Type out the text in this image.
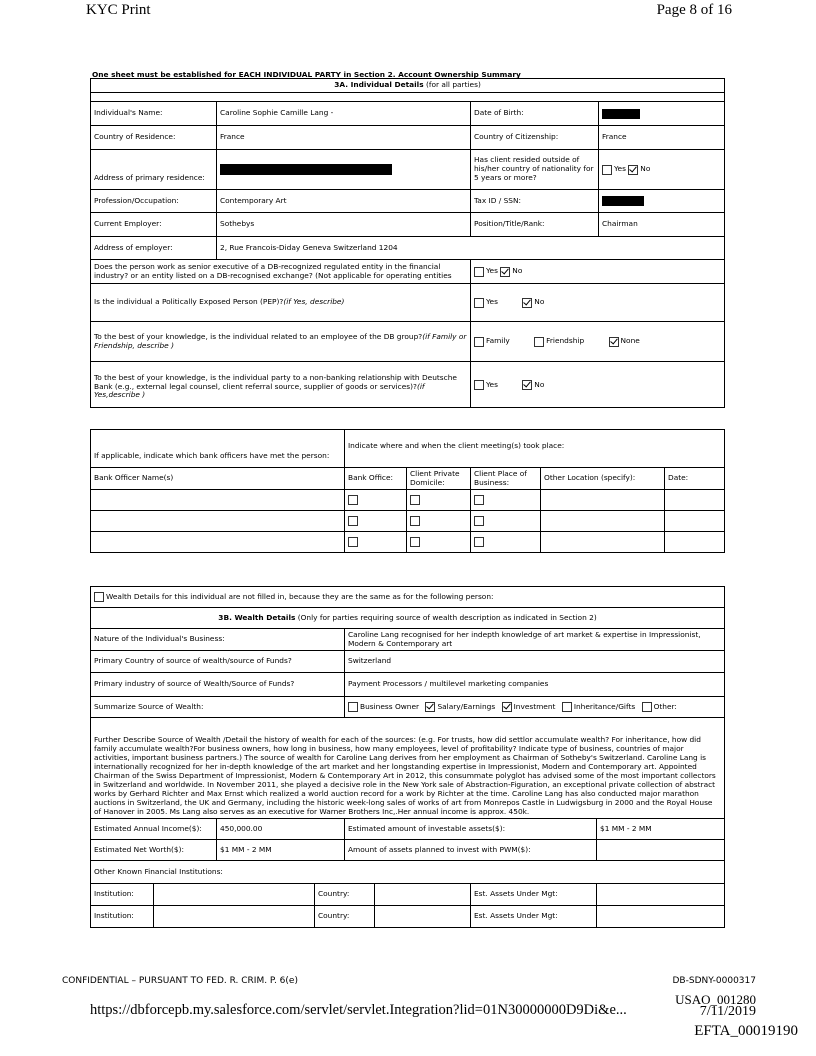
KYC Print	Page 8 of 16
One sheet must be established for EACH INDIVIDUAL PARTY in Section 2. Account Ownership Summary
3A. Individual Details (for all parties)							

Individual's Name:	Caroline Sophie Camille Lang -			Date of Birth:			
Country of Residence:	France			Country of Citizenship:		France	
Address of primary residence:				Has client resided outside of his/her country of nationality for 5 years or more?		Yes No	
Profession/Occupation:	Contemporary Art			Tax ID / SSN:			
Current Employer:	Sothebys			Position/Title/Rank:		Chairman	
Address of employer:	2, Rue Francois-Diday Geneva Switzerland 1204						
Does the person work as senior executive of a DB-recognized regulated entity in the financial industry? or an entity listed on a DB-recognised exchange? (Not applicable for operating entities				Yes No			
Is the individual a Politically Exposed Person (PEP)?(if Yes, describe)				Yes No			
To the best of your knowledge, is the individual related to an employee of the DB group?(if Family or Friendship, describe )				Family Friendship None			
To the best of your knowledge, is the individual party to a non-banking relationship with Deutsche Bank (e.g., external legal counsel, client referral source, supplier of goods or services)?(if Yes,describe )				Yes No			

If applicable, indicate which bank officers have met the person:		Indicate where and when the client meeting(s) took place:					
Bank Officer Name(s)		Bank Office:	Client Private Domicile:	Client Place of Business:	Other Location (specify):		Date:

Wealth Details for this individual are not filled in, because they are the same as for the following person:							
3B. Wealth Details (Only for parties requiring source of wealth description as indicated in Section 2)							
Nature of the Individual's Business:				Caroline Lang recognised for her indepth knowledge of art market & expertise in Impressionist, Modern & Contemporary art			
Primary Country of source of wealth/source of Funds?				Switzerland			
Primary industry of source of Wealth/Source of Funds?				Payment Processors / multilevel marketing companies			
Summarize Source of Wealth:				Business Owner Salary/Earnings Investment Inheritance/Gifts Other:			
Further Describe Source of Wealth /Detail the history of wealth for each of the sources: (e.g. For trusts, how did settlor accumulate wealth? For inheritance, how did family accumulate wealth?For business owners, how long in business, how many employees, level of profitability? Indicate type of business, countries of major activities, important business partners.) The source of wealth for Caroline Lang derives from her employment as Chairman of Sotheby's Switzerland. Caroline Lang is internationally recognized for her in-depth knowledge of the art market and her longstanding expertise in Impressionist, Modern and Contemporary art. Appointed Chairman of the Swiss Department of Impressionist, Modern & Contemporary Art in 2012, this consummate polyglot has advised some of the most important collectors in Switzerland and worldwide. In November 2011, she played a decisive role in the New York sale of Abstraction-Figuration, an exceptional private collection of abstract works by Gerhard Richter and Max Ernst which realized a world auction record for a work by Richter at the time. Caroline Lang has also conducted major marathon auctions in Switzerland, the UK and Germany, including the historic week-long sales of works of art from Monrepos Castle in Ludwigsburg in 2000 and the Royal House of Hanover in 2005. Ms Lang also serves as an executive for Warner Brothers Inc,.Her annual income is approx. 450k.							
Estimated Annual Income($):		450,000.00		Estimated amount of investable assets($):			$1 MM - 2 MM
Estimated Net Worth($):		$1 MM - 2 MM		Amount of assets planned to invest with PWM($):			
Other Known Financial Institutions:							
Institution:			Country:			Est. Assets Under Mgt:	
Institution:			Country:			Est. Assets Under Mgt:	
CONFIDENTIAL – PURSUANT TO FED. R. CRIM. P. 6(e)	DB-SDNY-0000317
https://dbforcepb.my.salesforce.com/servlet/servlet.Integration?lid=01N30000000D9Di&e...
USAO_001280
7/11/2019
EFTA_00019190
